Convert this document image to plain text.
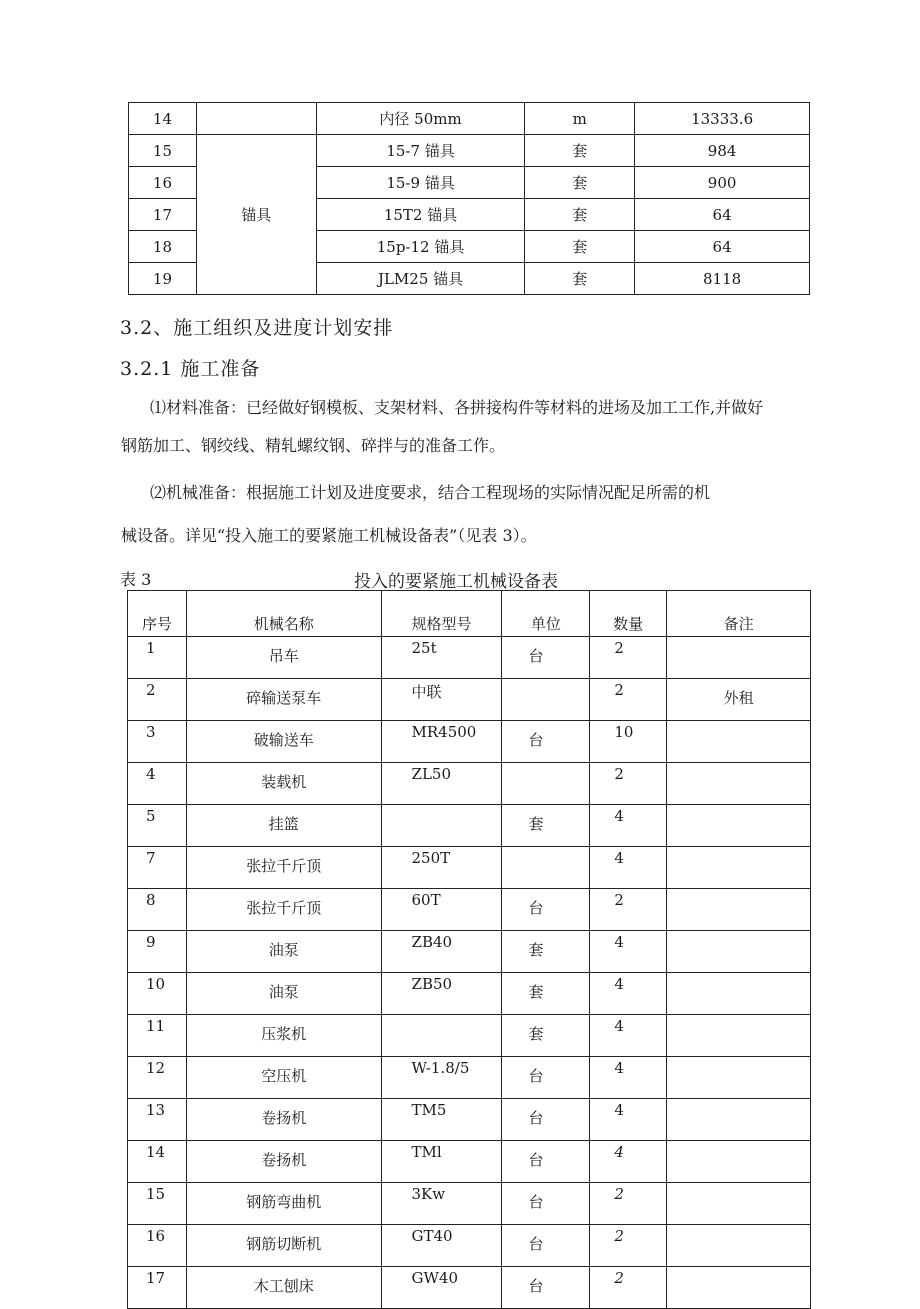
14		内径 50mm	m	13333.6
15	锚具	15-7 锚具	套	984
16		15-9 锚具	套	900
17		15T2 锚具	套	64
18		15p-12 锚具	套	64
19		JLM25 锚具	套	8118
3.2、施工组织及进度计划安排
3.2.1 施工准备
⑴材料准备：已经做好钢模板、支架材料、各拼接构件等材料的进场及加工工作,并做好
钢筋加工、钢绞线、精轧螺纹钢、碎拌与的准备工作。
⑵机械准备：根据施工计划及进度要求，结合工程现场的实际情况配足所需的机
械设备。详见“投入施工的要紧施工机械设备表”（见表 3）。
表 3	投入的要紧施工机械设备表
序号	机械名称	规格型号	单位	数量	备注
1	吊车	25t	台	2	
2	碎输送泵车	中联		2	外租
3	破输送车	MR4500	台	10	
4	装载机	ZL50		2	
5	挂篮		套	4	
7	张拉千斤顶	250T		4	
8	张拉千斤顶	60T	台	2	
9	油泵	ZB40	套	4	
10	油泵	ZB50	套	4	
11	压浆机		套	4	
12	空压机	W-1.8/5	台	4	
13	卷扬机	TM5	台	4	
14	卷扬机	TMl	台	4	
15	钢筋弯曲机	3Kw	台	2	
16	钢筋切断机	GT40	台	2	
17	木工刨床	GW40	台	2	
